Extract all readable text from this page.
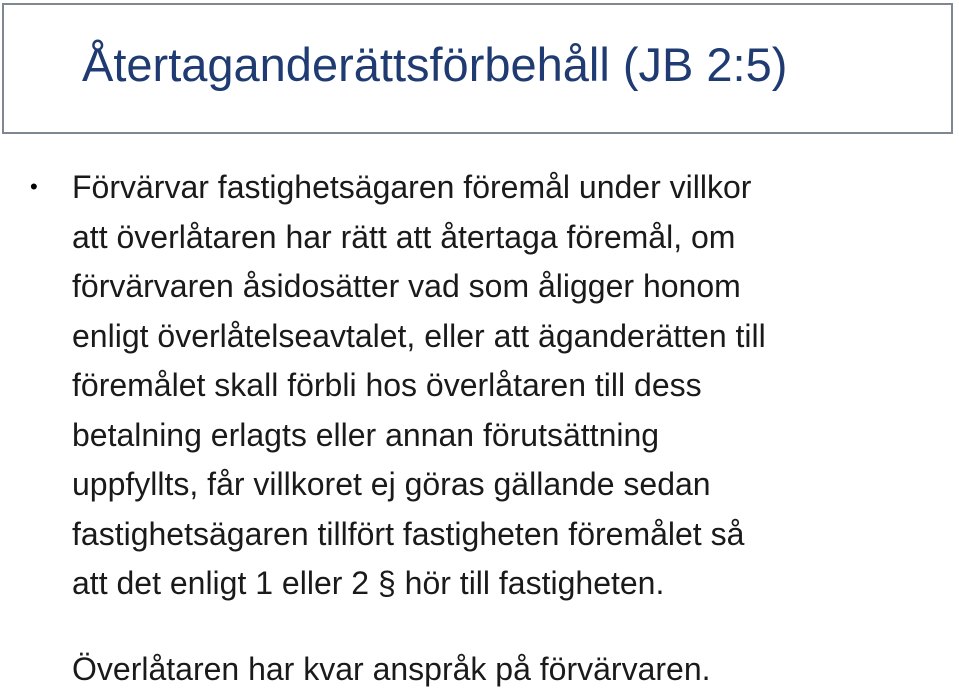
Återtaganderättsförbehåll (JB 2:5)
• Förvärvar fastighetsägaren föremål under villkor
att överlåtaren har rätt att återtaga föremål, om
förvärvaren åsidosätter vad som åligger honom
enligt överlåtelseavtalet, eller att äganderätten till
föremålet skall förbli hos överlåtaren till dess
betalning erlagts eller annan förutsättning
uppfyllts, får villkoret ej göras gällande sedan
fastighetsägaren tillfört fastigheten föremålet så
att det enligt 1 eller 2 § hör till fastigheten.
Överlåtaren har kvar anspråk på förvärvaren.
